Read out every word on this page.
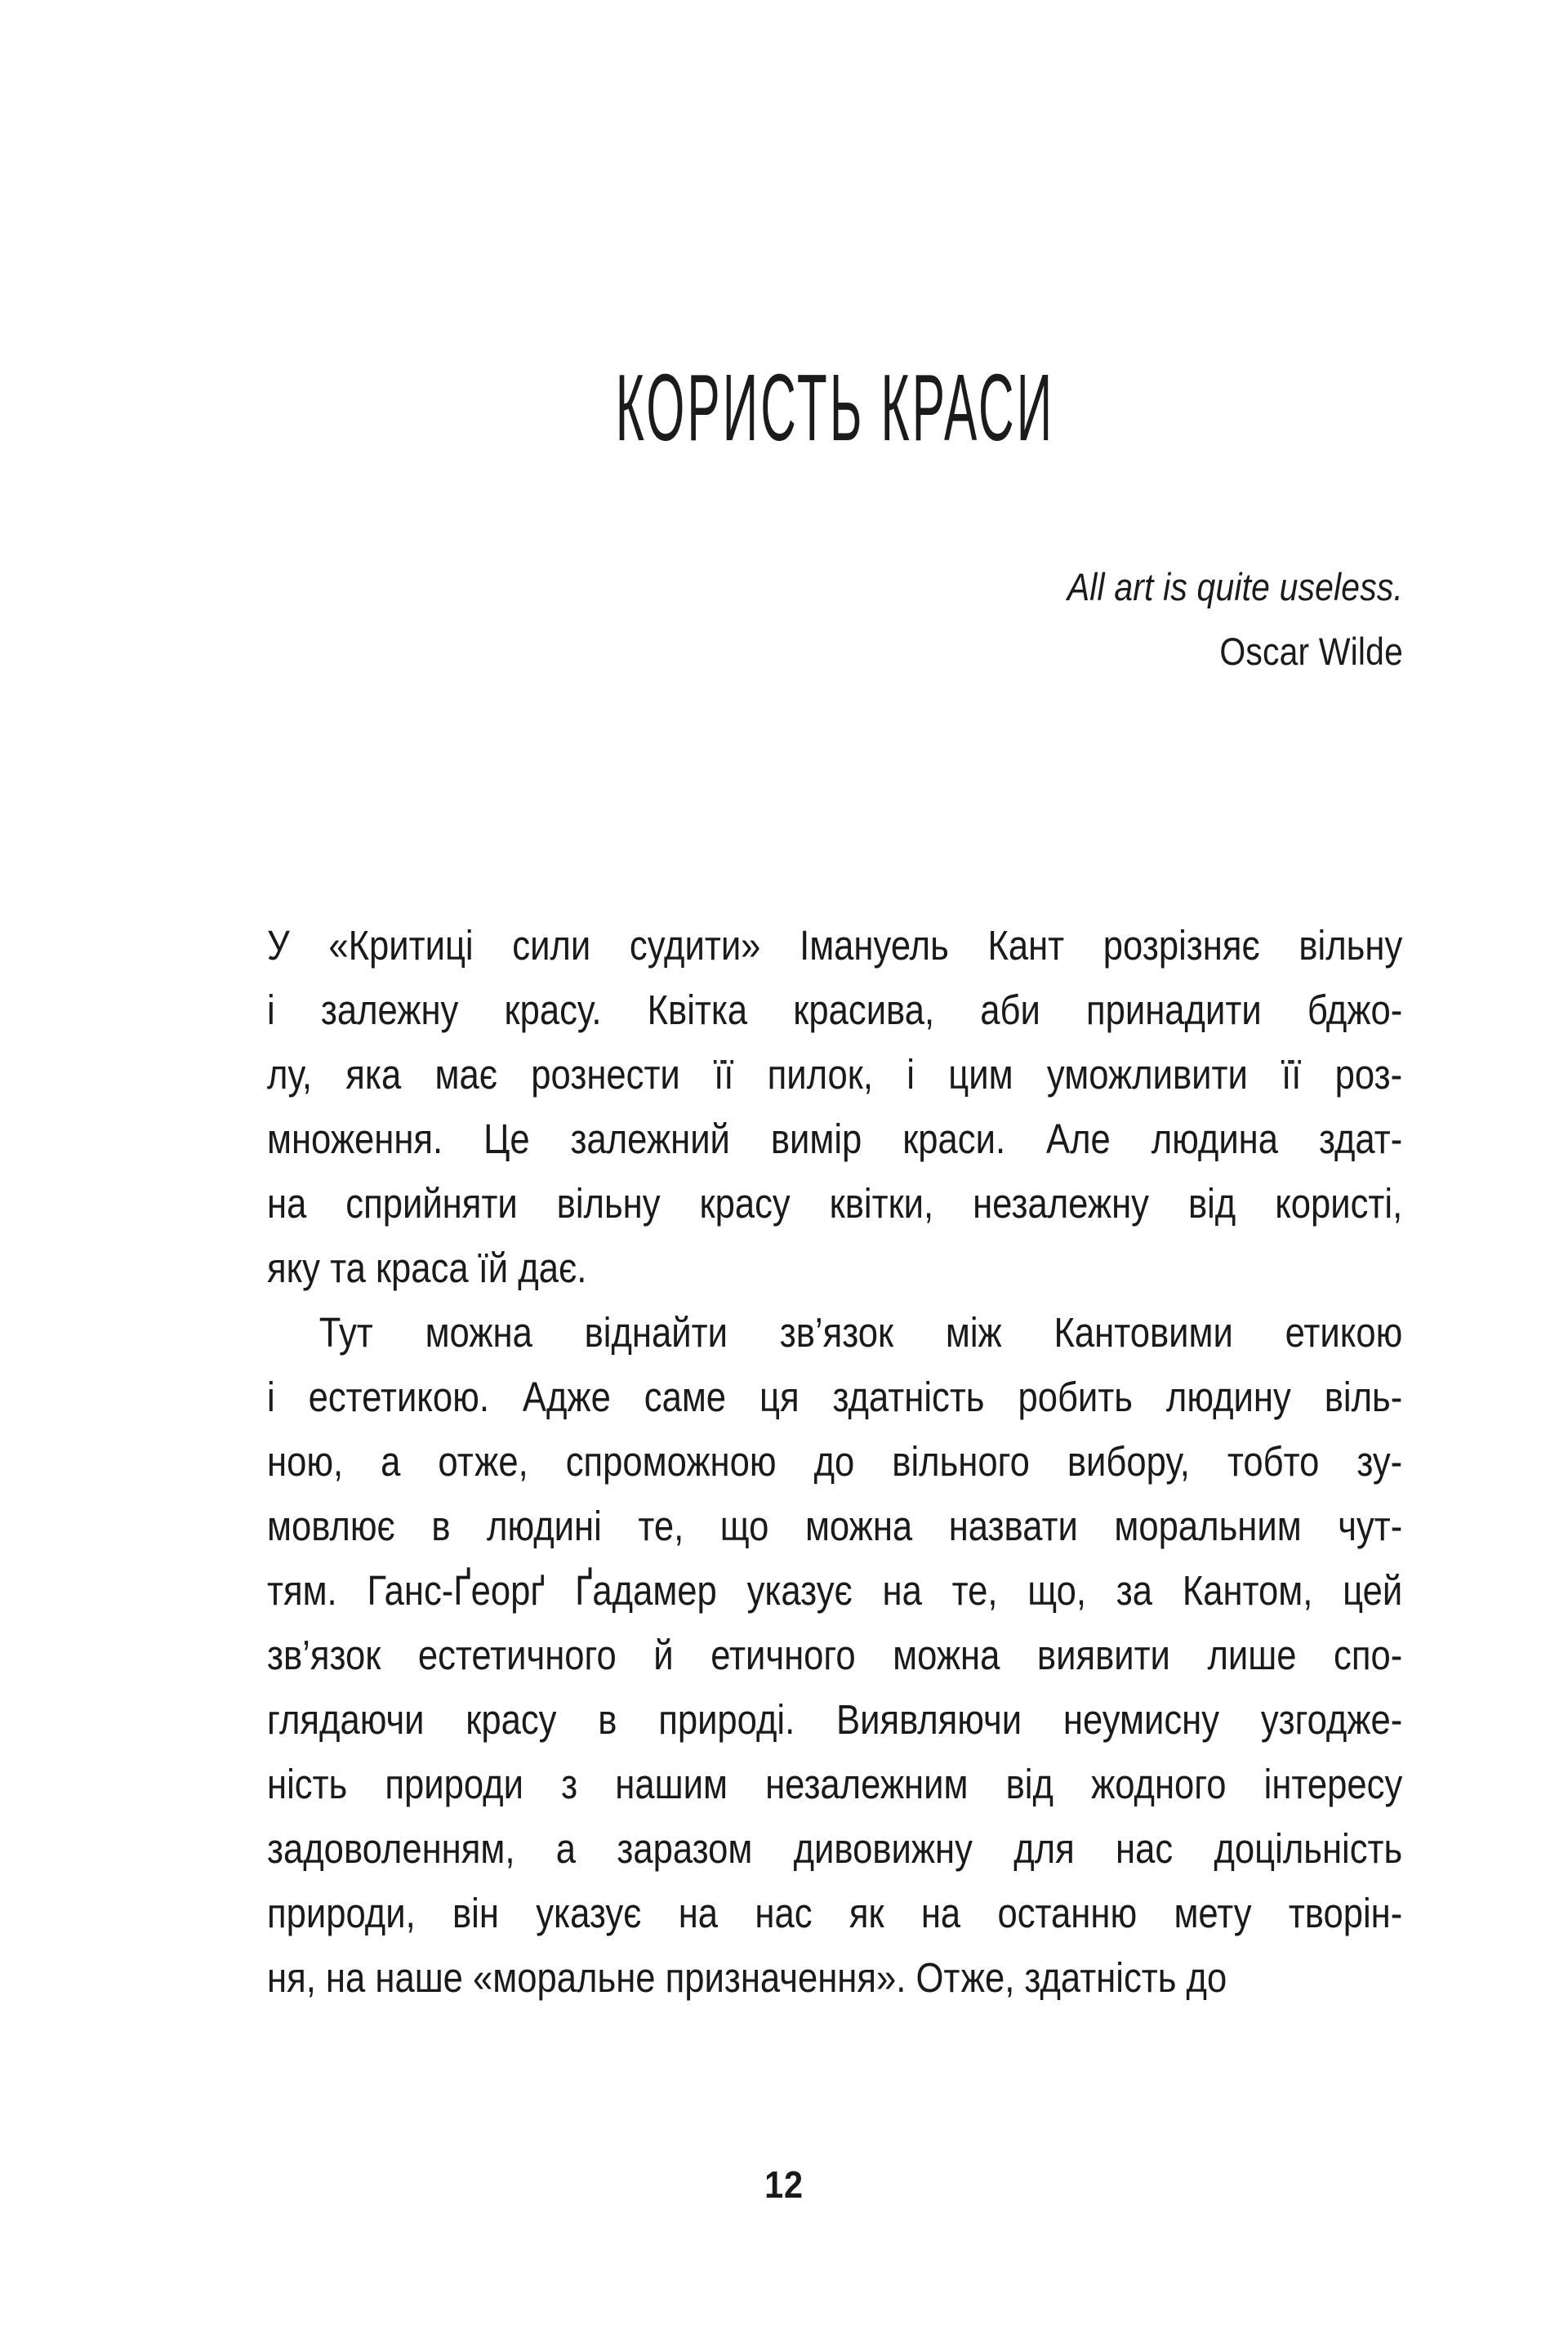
КОРИСТЬ КРАСИ
All art is quite useless.
Oscar Wilde
У «Критиці сили судити» Імануель Кант розрізняє вільну
і залежну красу. Квітка красива, аби принадити бджо-
лу, яка має рознести її пилок, і цим уможливити її роз-
множення. Це залежний вимір краси. Але людина здат-
на сприйняти вільну красу квітки, незалежну від користі,
яку та краса їй дає.
Тут можна віднайти зв’язок між Кантовими етикою
і естетикою. Адже саме ця здатність робить людину віль-
ною, а отже, спроможною до вільного вибору, тобто зу-
мовлює в людині те, що можна назвати моральним чут-
тям. Ганс-Ґеорґ Ґадамер указує на те, що, за Кантом, цей
зв’язок естетичного й етичного можна виявити лише спо-
глядаючи красу в природі. Виявляючи неумисну узгодже-
ність природи з нашим незалежним від жодного інтересу
задоволенням, а заразом дивовижну для нас доцільність
природи, він указує на нас як на останню мету творін-
ня, на наше «моральне призначення». Отже, здатність до
12
